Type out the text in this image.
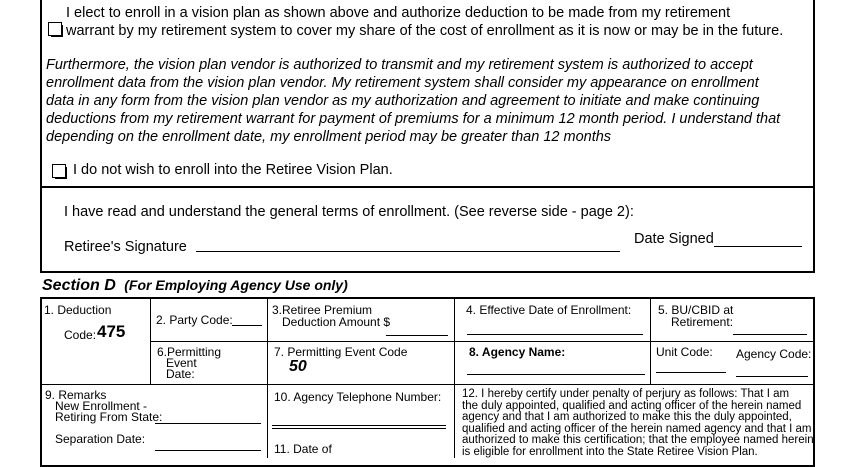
I elect to enroll in a vision plan as shown above and authorize deduction to be made from my retirement
warrant by my retirement system to cover my share of the cost of enrollment as it is now or may be in the future.
Furthermore, the vision plan vendor is authorized to transmit and my retirement system is authorized to accept
enrollment data from the vision plan vendor. My retirement system shall consider my appearance on enrollment
data in any form from the vision plan vendor as my authorization and agreement to initiate and make continuing
deductions from my retirement warrant for payment of premiums for a minimum 12 month period. I understand that
depending on the enrollment date, my enrollment period may be greater than 12 months
I do not wish to enroll into the Retiree Vision Plan.
I have read and understand the general terms of enrollment. (See reverse side - page 2):
Retiree's Signature	Date Signed
Section D (For Employing Agency Use only)
1. Deduction
Code: 475
2. Party Code:
3.Retiree Premium
Deduction Amount $
4. Effective Date of Enrollment: 5. BU/CBID at
Retirement:
6.Permitting
Event
Date:
7. Permitting Event Code
50
8. Agency Name:	Unit Code: Agency Code:
9. Remarks
New Enrollment -
Retiring From State:
Separation Date:
10. Agency Telephone Number:
11. Date of
12. I hereby certify under penalty of perjury as follows: That I am
the duly appointed, qualified and acting officer of the herein named
agency and that I am authorized to make this the duly appointed,
qualified and acting officer of the herein named agency and that I am
authorized to make this certification; that the employee named herein
is eligible for enrollment into the State Retiree Vision Plan.
